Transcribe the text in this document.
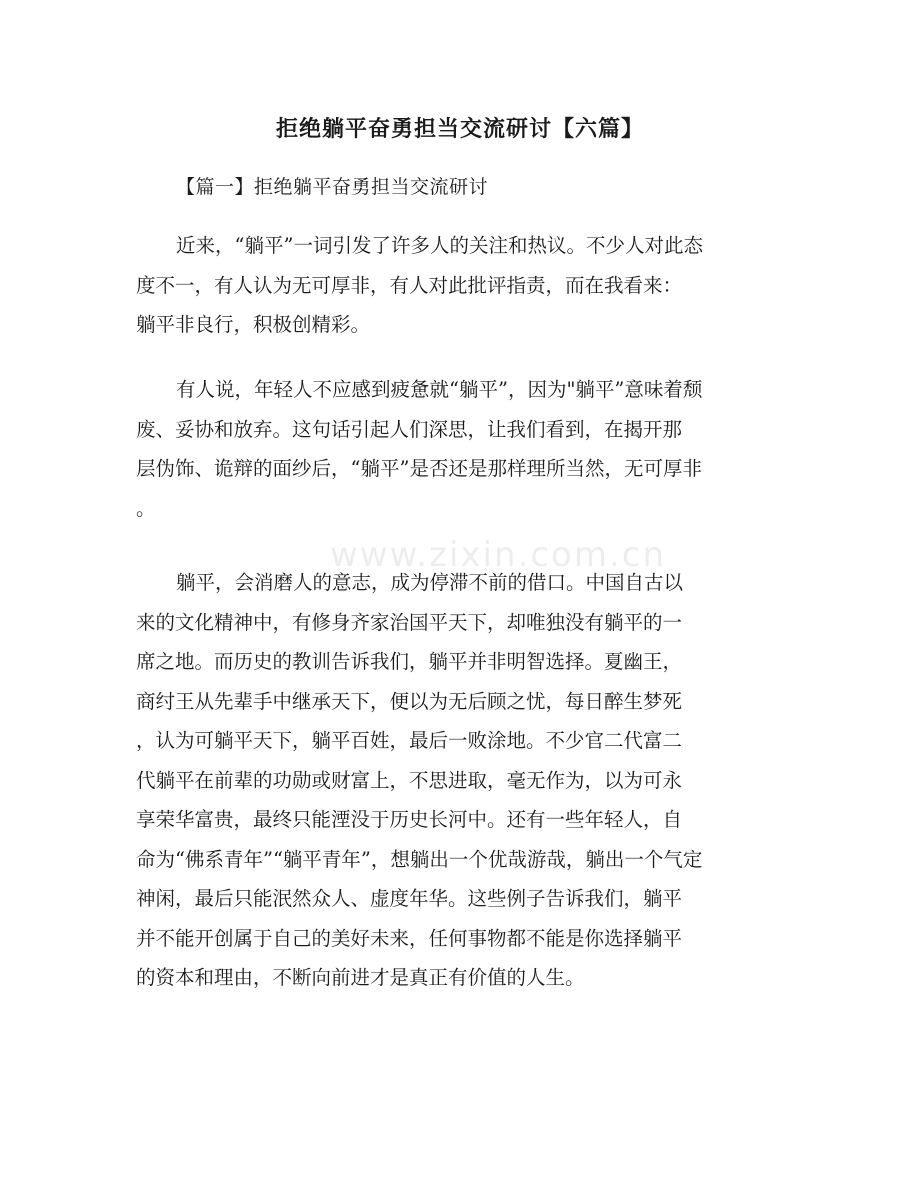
www.zixin.com.cn
拒绝躺平奋勇担当交流研讨【六篇】
【篇一】拒绝躺平奋勇担当交流研讨
近来，“躺平”一词引发了许多人的关注和热议。不少人对此态
度不一，有人认为无可厚非，有人对此批评指责，而在我看来：
躺平非良行，积极创精彩。
有人说，年轻人不应感到疲惫就“躺平”，因为"躺平”意味着颓
废、妥协和放弃。这句话引起人们深思，让我们看到，在揭开那
层伪饰、诡辩的面纱后，“躺平”是否还是那样理所当然，无可厚非
。
躺平，会消磨人的意志，成为停滞不前的借口。中国自古以
来的文化精神中，有修身齐家治国平天下，却唯独没有躺平的一
席之地。而历史的教训告诉我们，躺平并非明智选择。夏幽王，
商纣王从先辈手中继承天下，便以为无后顾之忧，每日醉生梦死
，认为可躺平天下，躺平百姓，最后一败涂地。不少官二代富二
代躺平在前辈的功勋或财富上，不思进取，毫无作为，以为可永
享荣华富贵，最终只能湮没于历史长河中。还有一些年轻人，自
命为“佛系青年”“躺平青年”，想躺出一个优哉游哉，躺出一个气定
神闲，最后只能泯然众人、虚度年华。这些例子告诉我们，躺平
并不能开创属于自己的美好未来，任何事物都不能是你选择躺平
的资本和理由，不断向前进才是真正有价值的人生。
